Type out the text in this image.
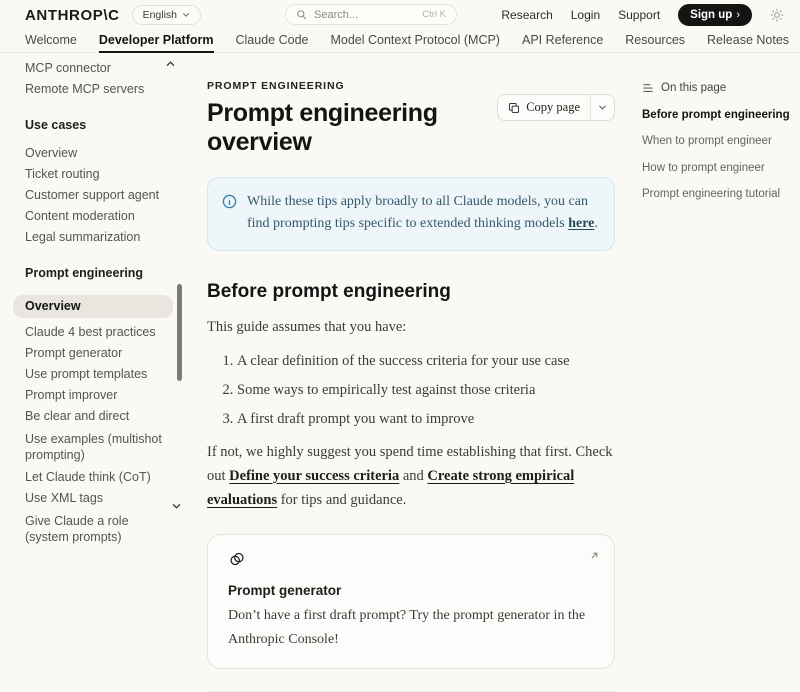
ANTHROP\C English	Search...	Ctrl K	Research Login Support	Sign up ›
Welcome Developer Platform Claude Code Model Context Protocol (MCP) API Reference Resources Release Notes
MCP connector
Remote MCP servers
Use cases
Overview
Ticket routing
Customer support agent
Content moderation
Legal summarization
Prompt engineering
Overview
Claude 4 best practices
Prompt generator
Use prompt templates
Prompt improver
Be clear and direct
Use examples (multishot prompting)
Let Claude think (CoT)
Use XML tags
Give Claude a role (system prompts)
PROMPT ENGINEERING
Prompt engineering overview
Copy page
While these tips apply broadly to all Claude models, you can find prompting tips specific to extended thinking models here.
Before prompt engineering
This guide assumes that you have:
1. A clear definition of the success criteria for your use case
2. Some ways to empirically test against those criteria
3. A first draft prompt you want to improve
If not, we highly suggest you spend time establishing that first. Check out Define your success criteria and Create strong empirical evaluations for tips and guidance.
Prompt generator
Don’t have a first draft prompt? Try the prompt generator in the Anthropic Console!
On this page
Before prompt engineering
When to prompt engineer
How to prompt engineer
Prompt engineering tutorial
